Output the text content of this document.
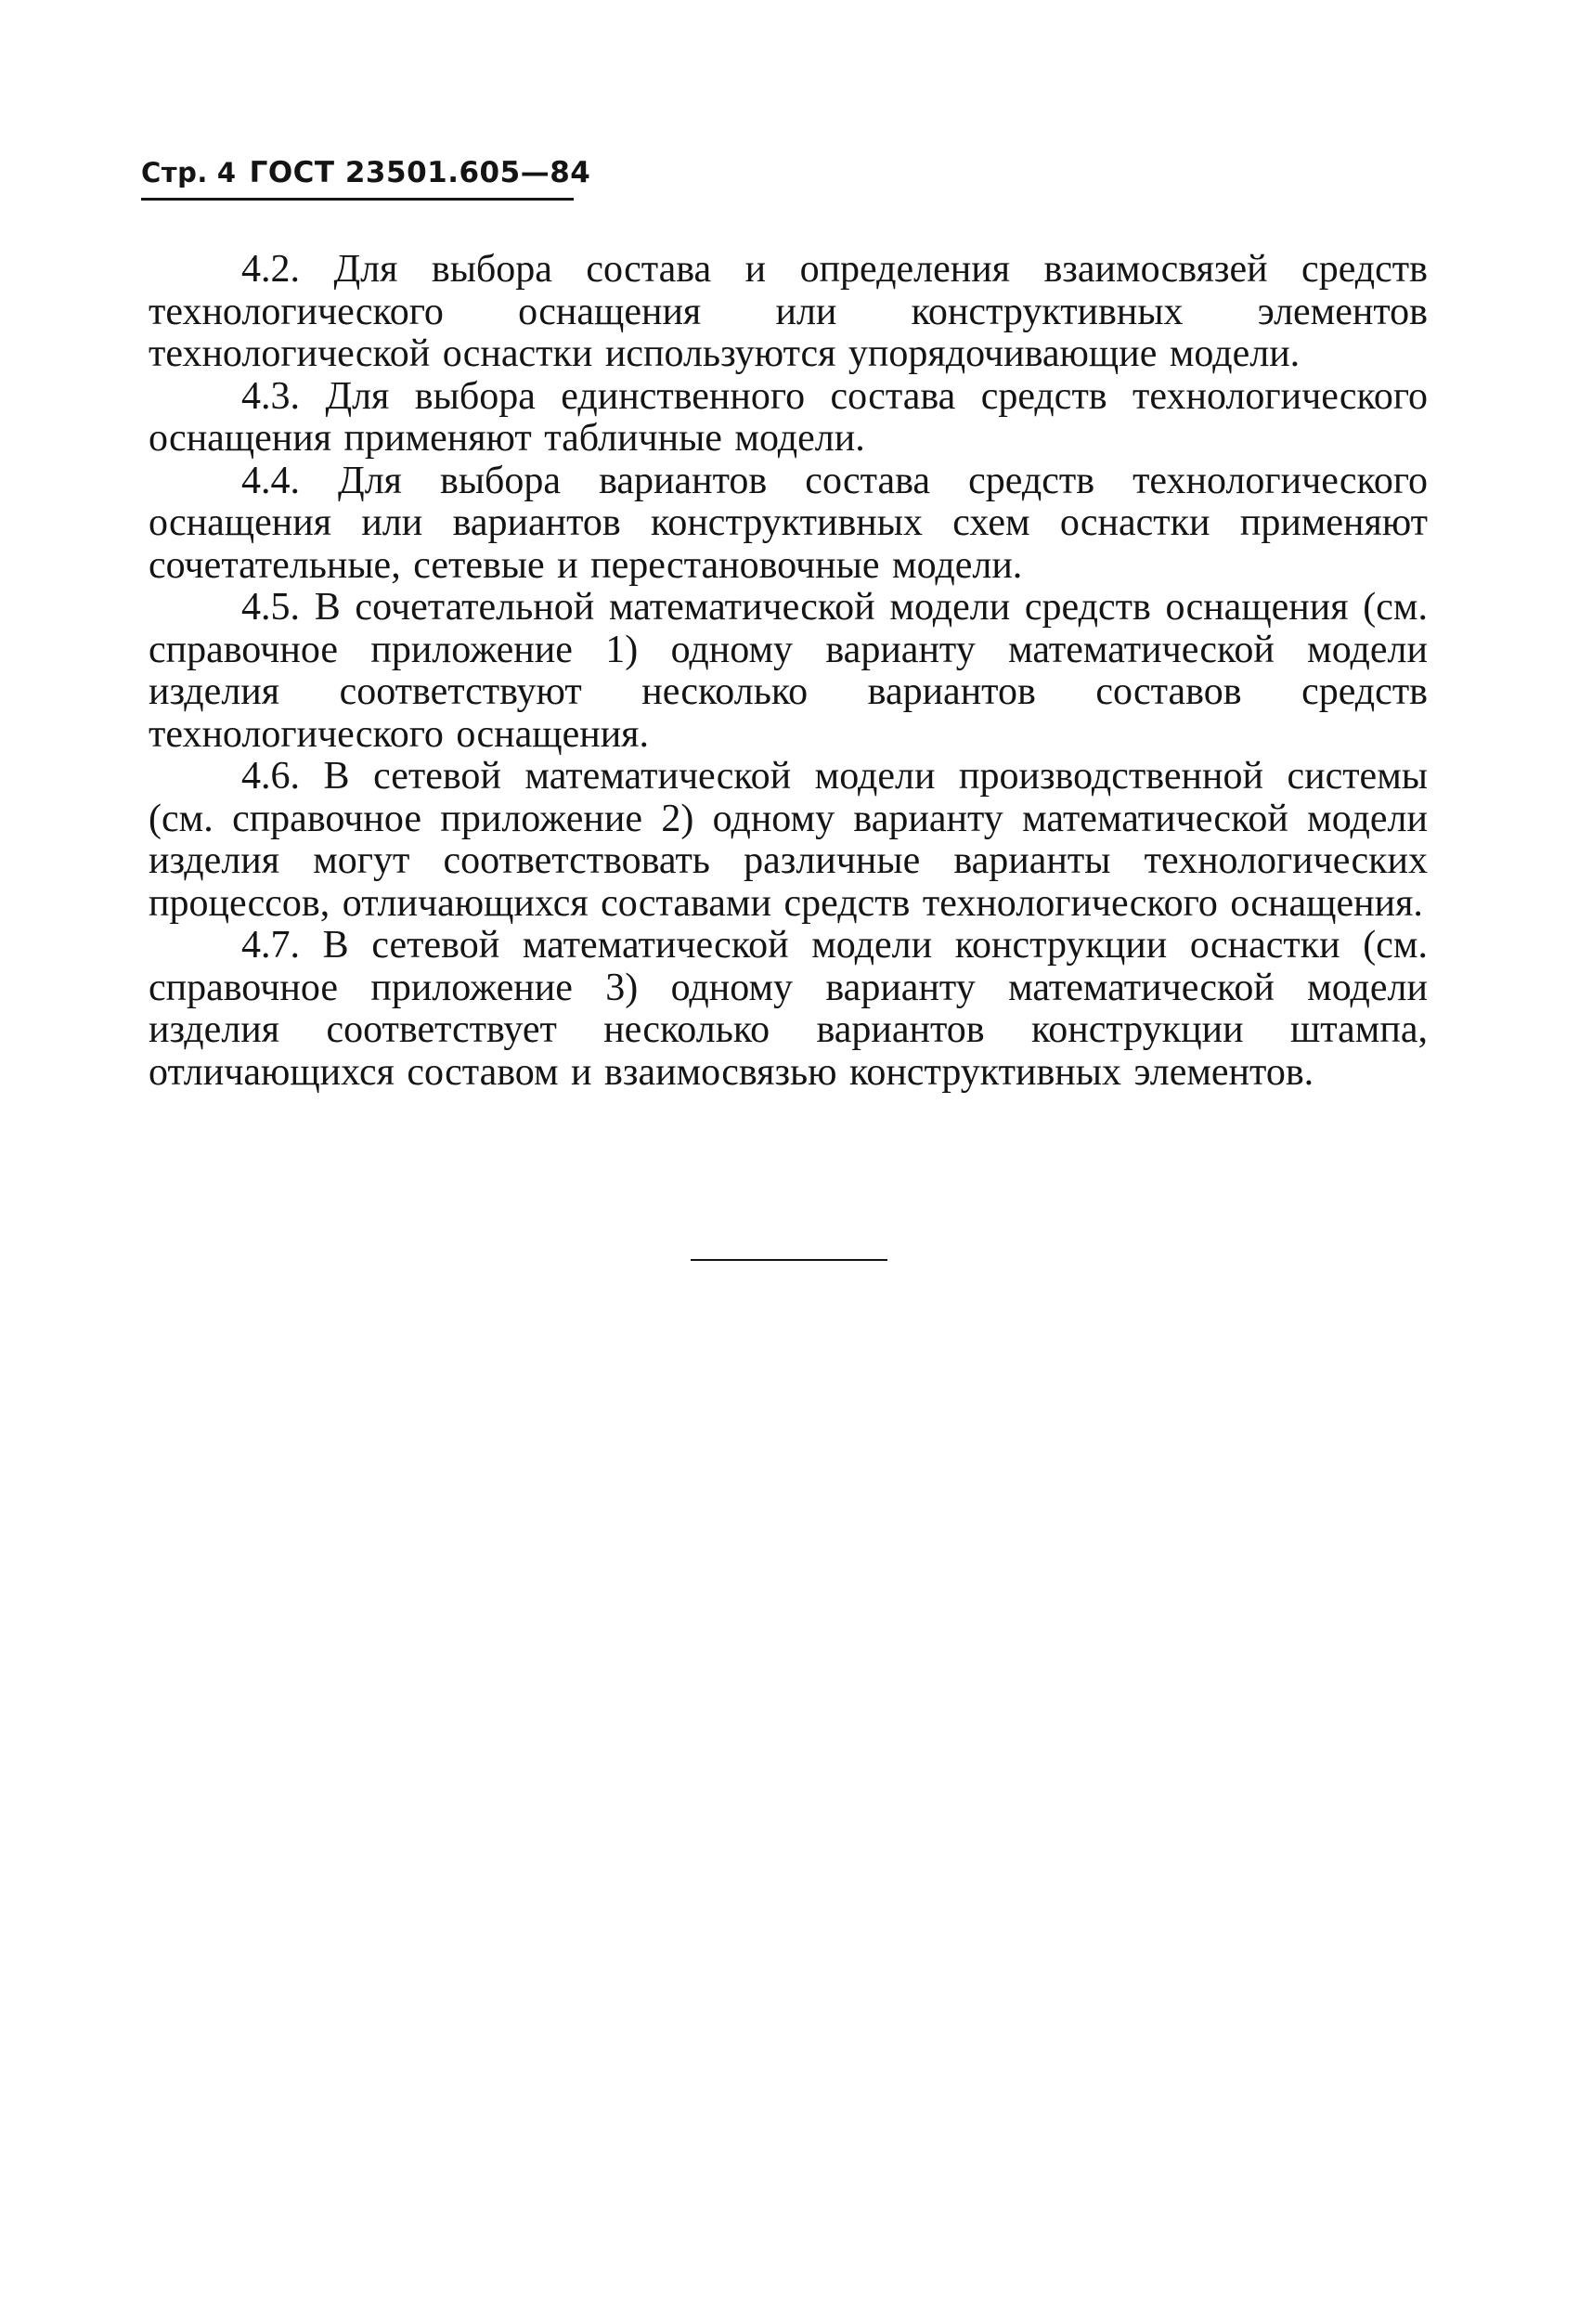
Стр. 4 ГОСТ 23501.605—84

4.2. Для выбора состава и определения взаимосвязей средств технологического оснащения или конструктивных элементов технологической оснастки используются упорядочивающие модели.

4.3. Для выбора единственного состава средств технологического оснащения применяют табличные модели.

4.4. Для выбора вариантов состава средств технологического оснащения или вариантов конструктивных схем оснастки применяют сочетательные, сетевые и перестановочные модели.

4.5. В сочетательной математической модели средств оснащения (см. справочное приложение 1) одному варианту математической модели изделия соответствуют несколько вариантов составов средств технологического оснащения.

4.6. В сетевой математической модели производственной системы (см. справочное приложение 2) одному варианту математической модели изделия могут соответствовать различные варианты технологических процессов, отличающихся составами средств технологического оснащения.

4.7. В сетевой математической модели конструкции оснастки (см. справочное приложение 3) одному варианту математической модели изделия соответствует несколько вариантов конструкции штампа, отличающихся составом и взаимосвязью конструктивных элементов.
